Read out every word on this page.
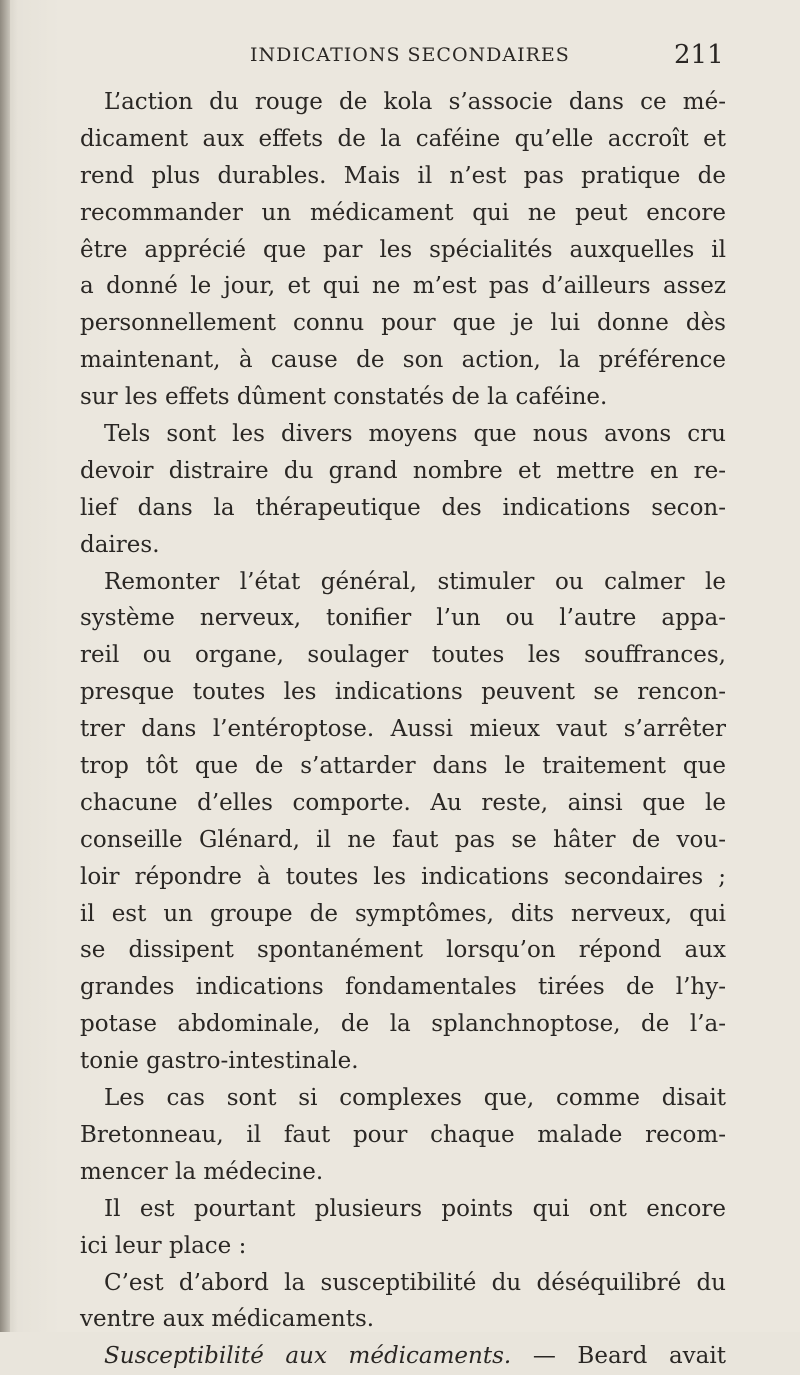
INDICATIONS SECONDAIRES	211
L’action du rouge de kola s’associe dans ce mé-
dicament aux effets de la caféine qu’elle accroît et
rend plus durables. Mais il n’est pas pratique de
recommander un médicament qui ne peut encore
être apprécié que par les spécialités auxquelles il
a donné le jour, et qui ne m’est pas d’ailleurs assez
personnellement connu pour que je lui donne dès
maintenant, à cause de son action, la préférence
sur les effets dûment constatés de la caféine.
Tels sont les divers moyens que nous avons cru
devoir distraire du grand nombre et mettre en re-
lief dans la thérapeutique des indications secon-
daires.
Remonter l’état général, stimuler ou calmer le
système nerveux, tonifier l’un ou l’autre appa-
reil ou organe, soulager toutes les souffrances,
presque toutes les indications peuvent se rencon-
trer dans l’entéroptose. Aussi mieux vaut s’arrêter
trop tôt que de s’attarder dans le traitement que
chacune d’elles comporte. Au reste, ainsi que le
conseille Glénard, il ne faut pas se hâter de vou-
loir répondre à toutes les indications secondaires ;
il est un groupe de symptômes, dits nerveux, qui
se dissipent spontanément lorsqu’on répond aux
grandes indications fondamentales tirées de l’hy-
potase abdominale, de la splanchnoptose, de l’a-
tonie gastro-intestinale.
Les cas sont si complexes que, comme disait
Bretonneau, il faut pour chaque malade recom-
mencer la médecine.
Il est pourtant plusieurs points qui ont encore
ici leur place :
C’est d’abord la susceptibilité du déséquilibré du
ventre aux médicaments.
Susceptibilité aux médicaments. — Beard avait
